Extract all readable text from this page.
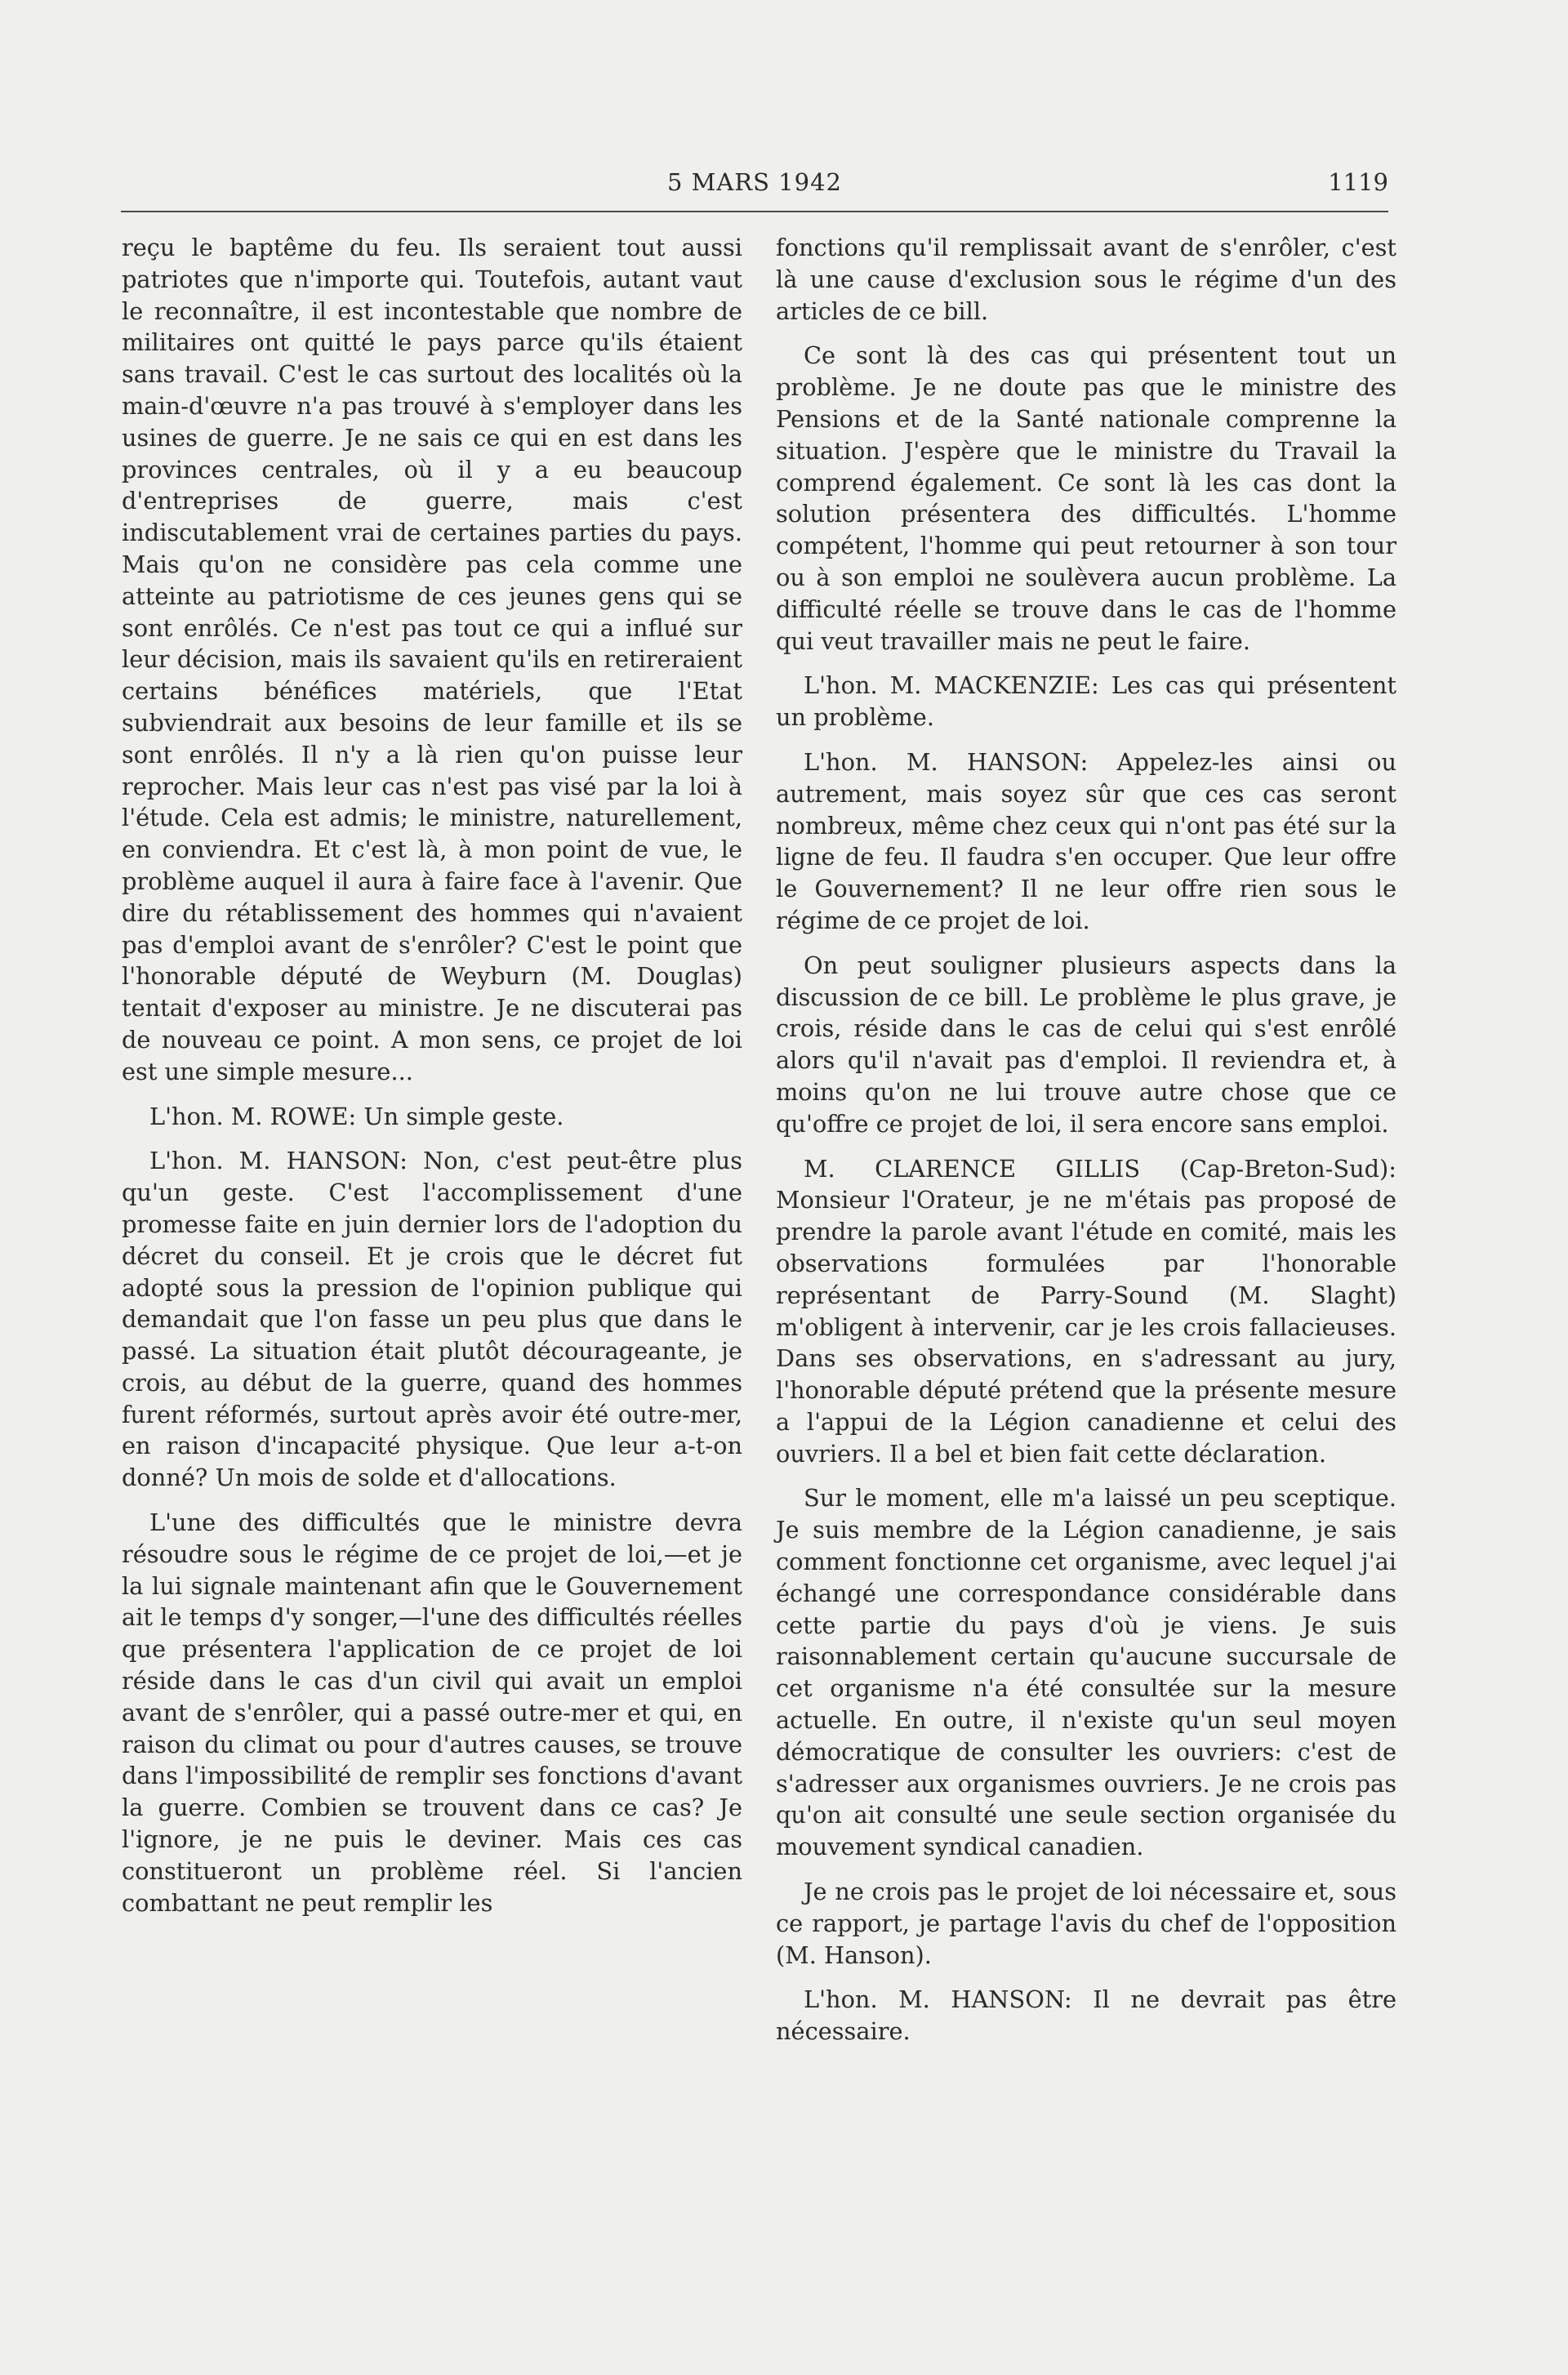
5 MARS 1942	1119

reçu le baptême du feu. Ils seraient tout aussi patriotes que n'importe qui. Toutefois, autant vaut le reconnaître, il est incontestable que nombre de militaires ont quitté le pays parce qu'ils étaient sans travail. C'est le cas surtout des localités où la main-d'œuvre n'a pas trouvé à s'employer dans les usines de guerre. Je ne sais ce qui en est dans les provinces centrales, où il y a eu beaucoup d'entreprises de guerre, mais c'est indiscutablement vrai de certaines parties du pays. Mais qu'on ne considère pas cela comme une atteinte au patriotisme de ces jeunes gens qui se sont enrôlés. Ce n'est pas tout ce qui a influé sur leur décision, mais ils savaient qu'ils en retireraient certains bénéfices matériels, que l'Etat subviendrait aux besoins de leur famille et ils se sont enrôlés. Il n'y a là rien qu'on puisse leur reprocher. Mais leur cas n'est pas visé par la loi à l'étude. Cela est admis; le ministre, naturellement, en conviendra. Et c'est là, à mon point de vue, le problème auquel il aura à faire face à l'avenir. Que dire du rétablissement des hommes qui n'avaient pas d'emploi avant de s'enrôler? C'est le point que l'honorable député de Weyburn (M. Douglas) tentait d'exposer au ministre. Je ne discuterai pas de nouveau ce point. A mon sens, ce projet de loi est une simple mesure...

L'hon. M. ROWE: Un simple geste.

L'hon. M. HANSON: Non, c'est peut-être plus qu'un geste. C'est l'accomplissement d'une promesse faite en juin dernier lors de l'adoption du décret du conseil. Et je crois que le décret fut adopté sous la pression de l'opinion publique qui demandait que l'on fasse un peu plus que dans le passé. La situation était plutôt décourageante, je crois, au début de la guerre, quand des hommes furent réformés, surtout après avoir été outre-mer, en raison d'incapacité physique. Que leur a-t-on donné? Un mois de solde et d'allocations.

L'une des difficultés que le ministre devra résoudre sous le régime de ce projet de loi,—et je la lui signale maintenant afin que le Gouvernement ait le temps d'y songer,—l'une des difficultés réelles que présentera l'application de ce projet de loi réside dans le cas d'un civil qui avait un emploi avant de s'enrôler, qui a passé outre-mer et qui, en raison du climat ou pour d'autres causes, se trouve dans l'impossibilité de remplir ses fonctions d'avant la guerre. Combien se trouvent dans ce cas? Je l'ignore, je ne puis le deviner. Mais ces cas constitueront un problème réel. Si l'ancien combattant ne peut remplir les

fonctions qu'il remplissait avant de s'enrôler, c'est là une cause d'exclusion sous le régime d'un des articles de ce bill.

Ce sont là des cas qui présentent tout un problème. Je ne doute pas que le ministre des Pensions et de la Santé nationale comprenne la situation. J'espère que le ministre du Travail la comprend également. Ce sont là les cas dont la solution présentera des difficultés. L'homme compétent, l'homme qui peut retourner à son tour ou à son emploi ne soulèvera aucun problème. La difficulté réelle se trouve dans le cas de l'homme qui veut travailler mais ne peut le faire.

L'hon. M. MACKENZIE: Les cas qui présentent un problème.

L'hon. M. HANSON: Appelez-les ainsi ou autrement, mais soyez sûr que ces cas seront nombreux, même chez ceux qui n'ont pas été sur la ligne de feu. Il faudra s'en occuper. Que leur offre le Gouvernement? Il ne leur offre rien sous le régime de ce projet de loi.

On peut souligner plusieurs aspects dans la discussion de ce bill. Le problème le plus grave, je crois, réside dans le cas de celui qui s'est enrôlé alors qu'il n'avait pas d'emploi. Il reviendra et, à moins qu'on ne lui trouve autre chose que ce qu'offre ce projet de loi, il sera encore sans emploi.

M. CLARENCE GILLIS (Cap-Breton-Sud): Monsieur l'Orateur, je ne m'étais pas proposé de prendre la parole avant l'étude en comité, mais les observations formulées par l'honorable représentant de Parry-Sound (M. Slaght) m'obligent à intervenir, car je les crois fallacieuses. Dans ses observations, en s'adressant au jury, l'honorable député prétend que la présente mesure a l'appui de la Légion canadienne et celui des ouvriers. Il a bel et bien fait cette déclaration.

Sur le moment, elle m'a laissé un peu sceptique. Je suis membre de la Légion canadienne, je sais comment fonctionne cet organisme, avec lequel j'ai échangé une correspondance considérable dans cette partie du pays d'où je viens. Je suis raisonnablement certain qu'aucune succursale de cet organisme n'a été consultée sur la mesure actuelle. En outre, il n'existe qu'un seul moyen démocratique de consulter les ouvriers: c'est de s'adresser aux organismes ouvriers. Je ne crois pas qu'on ait consulté une seule section organisée du mouvement syndical canadien.

Je ne crois pas le projet de loi nécessaire et, sous ce rapport, je partage l'avis du chef de l'opposition (M. Hanson).

L'hon. M. HANSON: Il ne devrait pas être nécessaire.
